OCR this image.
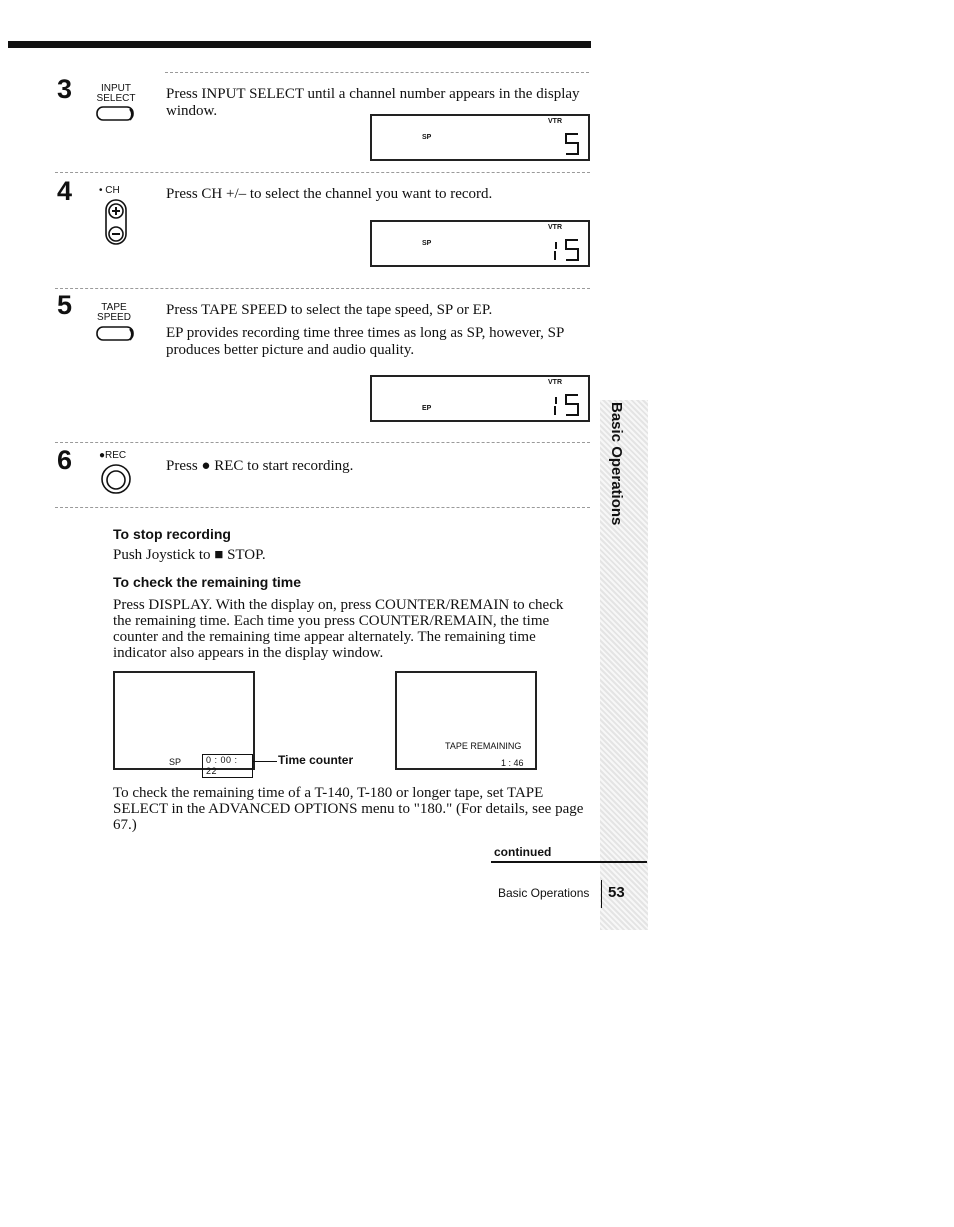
Basic Operations
3	INPUT
SELECT	Press INPUT SELECT until a channel number appears in the display window.
VTR
SP
4	• CH	Press CH +/– to select the channel you want to record.
VTR
SP
5	TAPE
SPEED	Press TAPE SPEED to select the tape speed, SP or EP.
EP provides recording time three times as long as SP, however, SP produces better picture and audio quality.
VTR
EP
6	●REC
Press ● REC to start recording.
To stop recording
Push Joystick to ■ STOP.
To check the remaining time
Press DISPLAY. With the display on, press COUNTER/REMAIN to check the remaining time. Each time you press COUNTER/REMAIN, the time counter and the remaining time appear alternately. The remaining time indicator also appears in the display window.
SP	0 : 00 : 22
Time counter
TAPE REMAINING
1 : 46
To check the remaining time of a T-140, T-180 or longer tape, set TAPE SELECT in the ADVANCED OPTIONS menu to "180." (For details, see page 67.)
continued
Basic Operations 53
